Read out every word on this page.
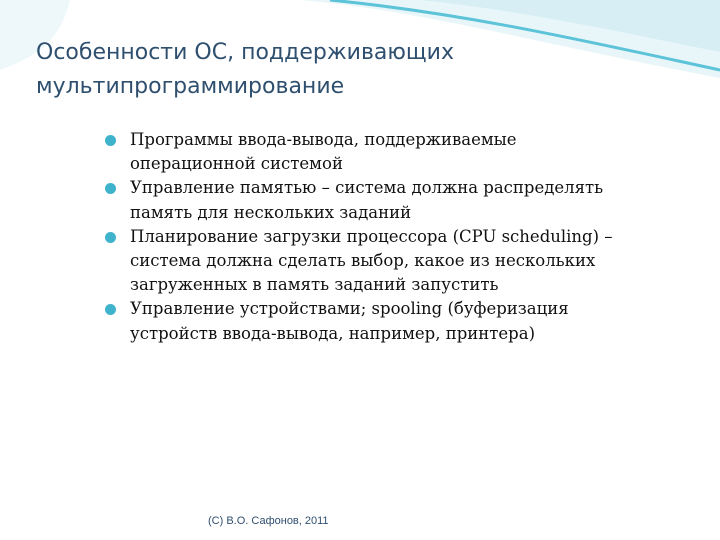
Особенности ОС, поддерживающих
мультипрограммирование
Программы ввода-вывода, поддерживаемые операционной системой
Управление памятью – система должна распределять память для нескольких заданий
Планирование загрузки процессора (CPU scheduling) –система должна сделать выбор, какое из нескольких загруженных в память заданий запустить
Управление устройствами; spooling (буферизация устройств ввода-вывода, например, принтера)
(C) В.О. Сафонов, 2011
